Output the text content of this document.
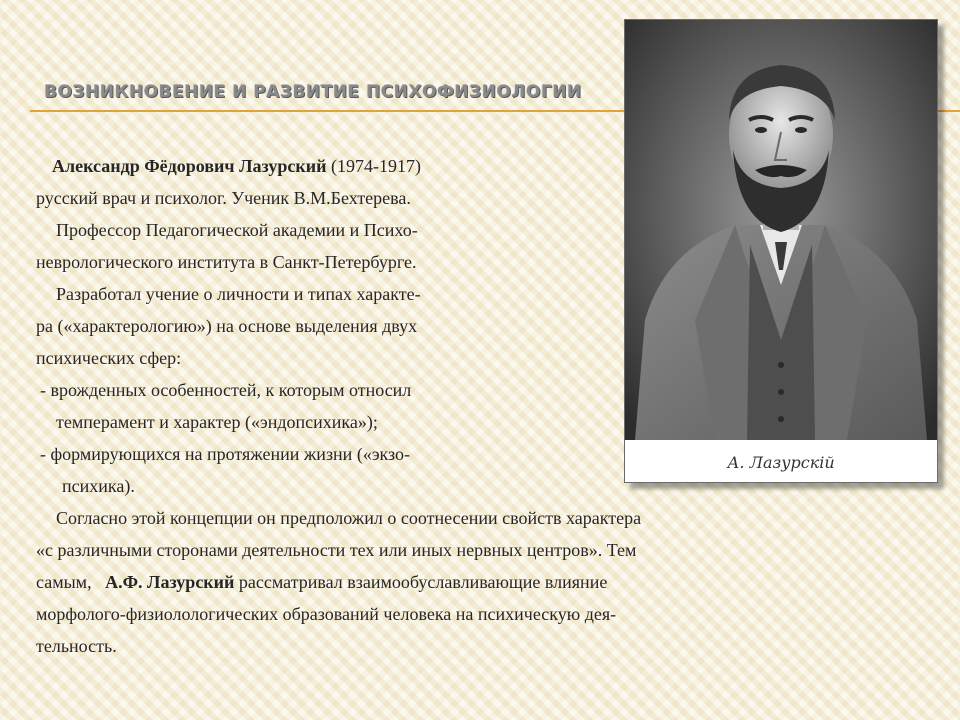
ВОЗНИКНОВЕНИЕ И РАЗВИТИЕ ПСИХОФИЗИОЛОГИИ
А. Лазурскій
Александр Фёдорович Лазурский (1974-1917)
русский врач и психолог. Ученик В.М.Бехтерева.
Профессор Педагогической академии и Психо-
неврологического института в Санкт-Петербурге.
Разработал учение о личности и типах характе-
ра («характерологию») на основе выделения двух
психических сфер:
- врожденных особенностей, к которым относил
темперамент и характер («эндопсихика»);
- формирующихся на протяжении жизни («экзо-
психика).
Согласно этой концепции он предположил о соотнесении свойств характера
«с различными сторонами деятельности тех или иных нервных центров». Тем
самым,   А.Ф. Лазурский рассматривал взаимообуславливающие влияние
морфолого-физиолологических образований человека на психическую дея-
тельность.
